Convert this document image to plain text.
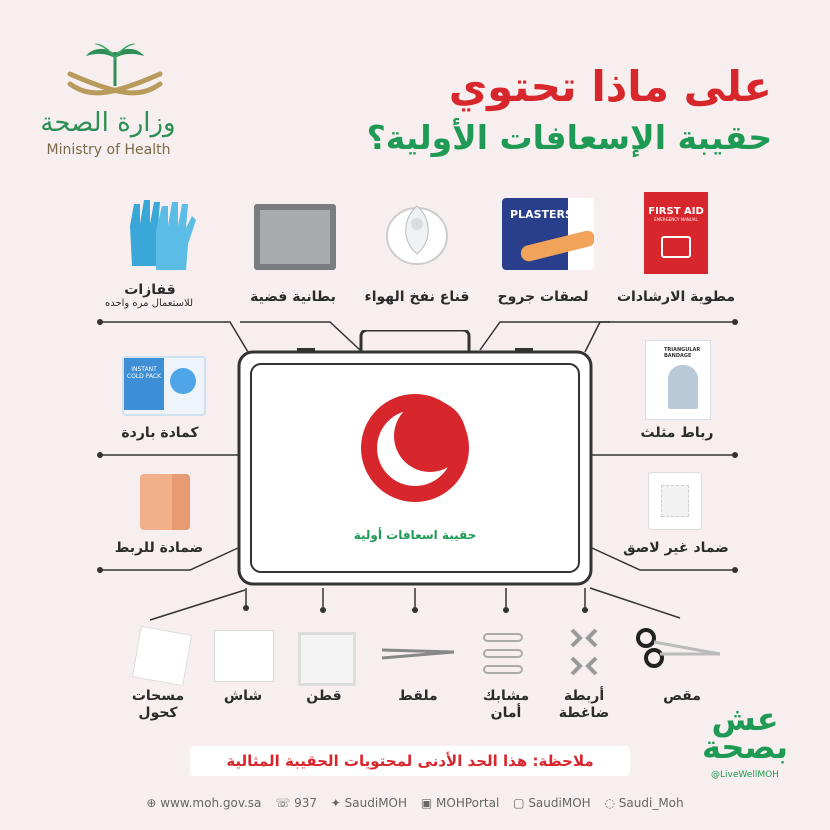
وزارة الصحة
Ministry of Health
على ماذا تحتوي
حقيبة الإسعافات الأولية؟
حقيبة اسعافات أولية
FIRST AID
EMERGENCY MANUAL
مطوية الارشادات
PLASTERS
لصقات جروح
قناع نفخ الهواء
بطانية فضية
قفازات
للاستعمال مره واحده
INSTANT COLD PACK
كمادة باردة
TRIANGULAR BANDAGE
رباط مثلث
ضمادة للربط	ضماد غير لاصق
مسحات
كحول
شاش	قطن	ملقط	مشابك
أمان
أربطة
ضاغطة
مقص
ملاحظة: هذا الحد الأدنى لمحتويات الحقيبة المثالية
عش
بصحة
@LiveWellMOH
⊕ www.moh.gov.sa ☏ 937 ✦ SaudiMOH ▣ MOHPortal ▢ SaudiMOH ◌ Saudi_Moh
